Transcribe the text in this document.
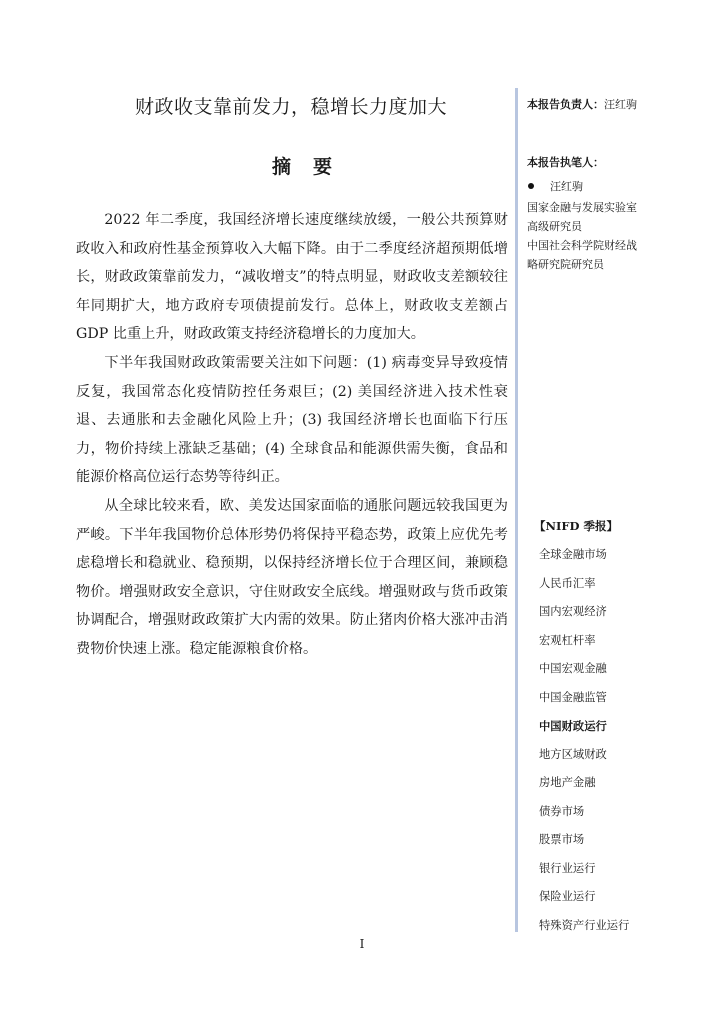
财政收支靠前发力，稳增长力度加大
摘要

2022 年二季度，我国经济增长速度继续放缓，一般公共预算财政收入和政府性基金预算收入大幅下降。由于二季度经济超预期低增长，财政政策靠前发力，“减收增支”的特点明显，财政收支差额较往年同期扩大，地方政府专项债提前发行。总体上，财政收支差额占 GDP 比重上升，财政政策支持经济稳增长的力度加大。

下半年我国财政政策需要关注如下问题：(1) 病毒变异导致疫情反复，我国常态化疫情防控任务艰巨；(2) 美国经济进入技术性衰退、去通胀和去金融化风险上升；(3) 我国经济增长也面临下行压力，物价持续上涨缺乏基础；(4) 全球食品和能源供需失衡，食品和能源价格高位运行态势等待纠正。

从全球比较来看，欧、美发达国家面临的通胀问题远较我国更为严峻。下半年我国物价总体形势仍将保持平稳态势，政策上应优先考虑稳增长和稳就业、稳预期，以保持经济增长位于合理区间，兼顾稳物价。增强财政安全意识，守住财政安全底线。增强财政与货币政策协调配合，增强财政政策扩大内需的效果。防止猪肉价格大涨冲击消费物价快速上涨。稳定能源粮食价格。

本报告负责人：汪红驹
本报告执笔人：
汪红驹
国家金融与发展实验室
高级研究员
中国社会科学院财经战
略研究院研究员
【NIFD 季报】
全球金融市场
人民币汇率
国内宏观经济
宏观杠杆率
中国宏观金融
中国金融监管
中国财政运行
地方区域财政
房地产金融
债券市场
股票市场
银行业运行
保险业运行
特殊资产行业运行
I
